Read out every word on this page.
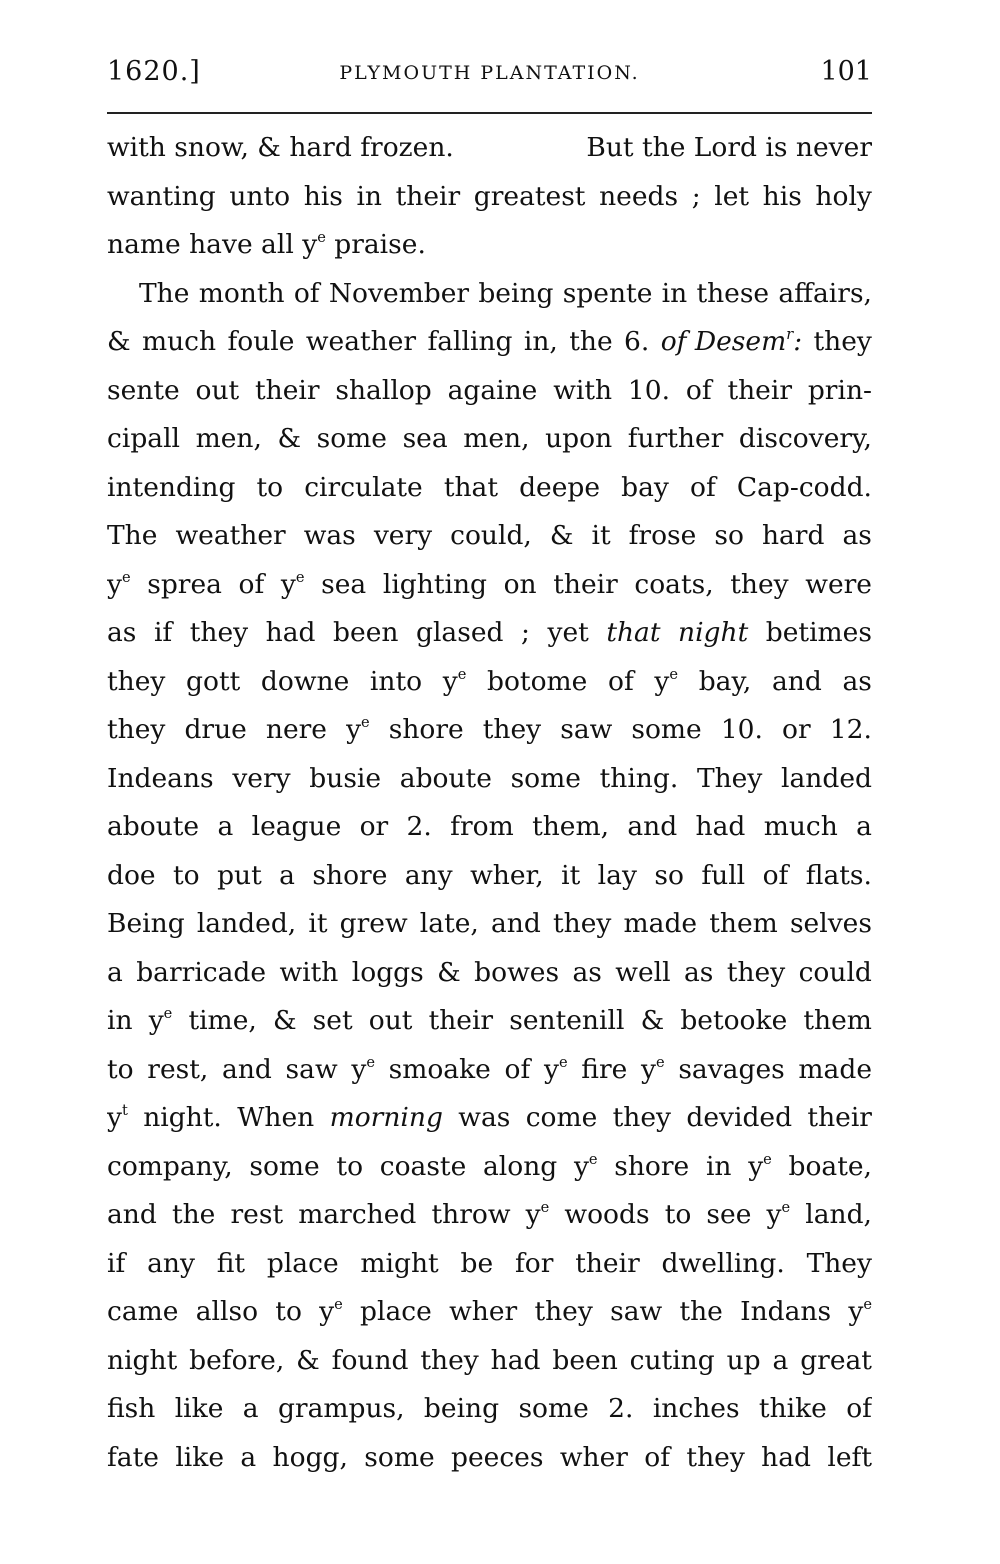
1620.]	PLYMOUTH PLANTATION.	101
with snow, & hard frozen.	But the Lord is never
wanting unto his in their greatest needs ; let his holy
name have all $y^e$ praise.
The month of November being spente in these affairs,
& much foule weather falling in, the 6. of Desem$^r$: they
sente out their shallop againe with 10. of their prin-
cipall men, & some sea men, upon further discovery,
intending to circulate that deepe bay of Cap-codd.
The weather was very could, & it frose so hard as
$y^e$ sprea of $y^e$ sea lighting on their coats, they were
as if they had been glased ; yet that night betimes
they gott downe into $y^e$ botome of $y^e$ bay, and as
they drue nere $y^e$ shore they saw some 10. or 12.
Indeans very busie aboute some thing. They landed
aboute a league or 2. from them, and had much a
doe to put a shore any wher, it lay so full of flats.
Being landed, it grew late, and they made them selves
a barricade with loggs & bowes as well as they could
in $y^e$ time, & set out their sentenill & betooke them
to rest, and saw $y^e$ smoake of $y^e$ fire $y^e$ savages made
$y^t$ night. When morning was come they devided their
company, some to coaste along $y^e$ shore in $y^e$ boate,
and the rest marched throw $y^e$ woods to see $y^e$ land,
if any fit place might be for their dwelling. They
came allso to $y^e$ place wher they saw the Indans $y^e$
night before, & found they had been cuting up a great
fish like a grampus, being some 2. inches thike of
fate like a hogg, some peeces wher of they had left
